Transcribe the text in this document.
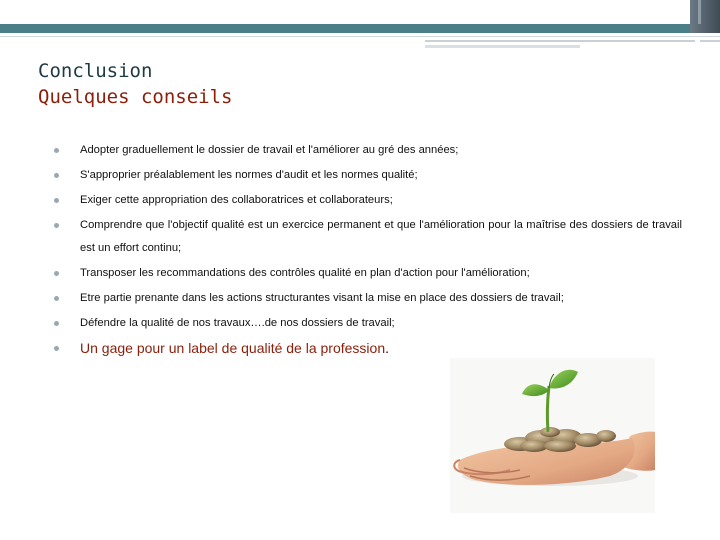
Conclusion
Quelques conseils
Adopter graduellement le dossier de travail et l'améliorer au gré des années;
S'approprier préalablement les normes d'audit et les normes qualité;
Exiger cette appropriation des collaboratrices et collaborateurs;
Comprendre que l'objectif qualité est un exercice permanent et que l'amélioration pour la maîtrise des dossiers de travail est un effort continu;
Transposer les recommandations des contrôles qualité en plan d'action pour l'amélioration;
Etre partie prenante dans les actions structurantes visant la mise en place des dossiers de travail;
Défendre la qualité de nos travaux….de nos dossiers de travail;
Un gage pour un label de qualité de la profession.
